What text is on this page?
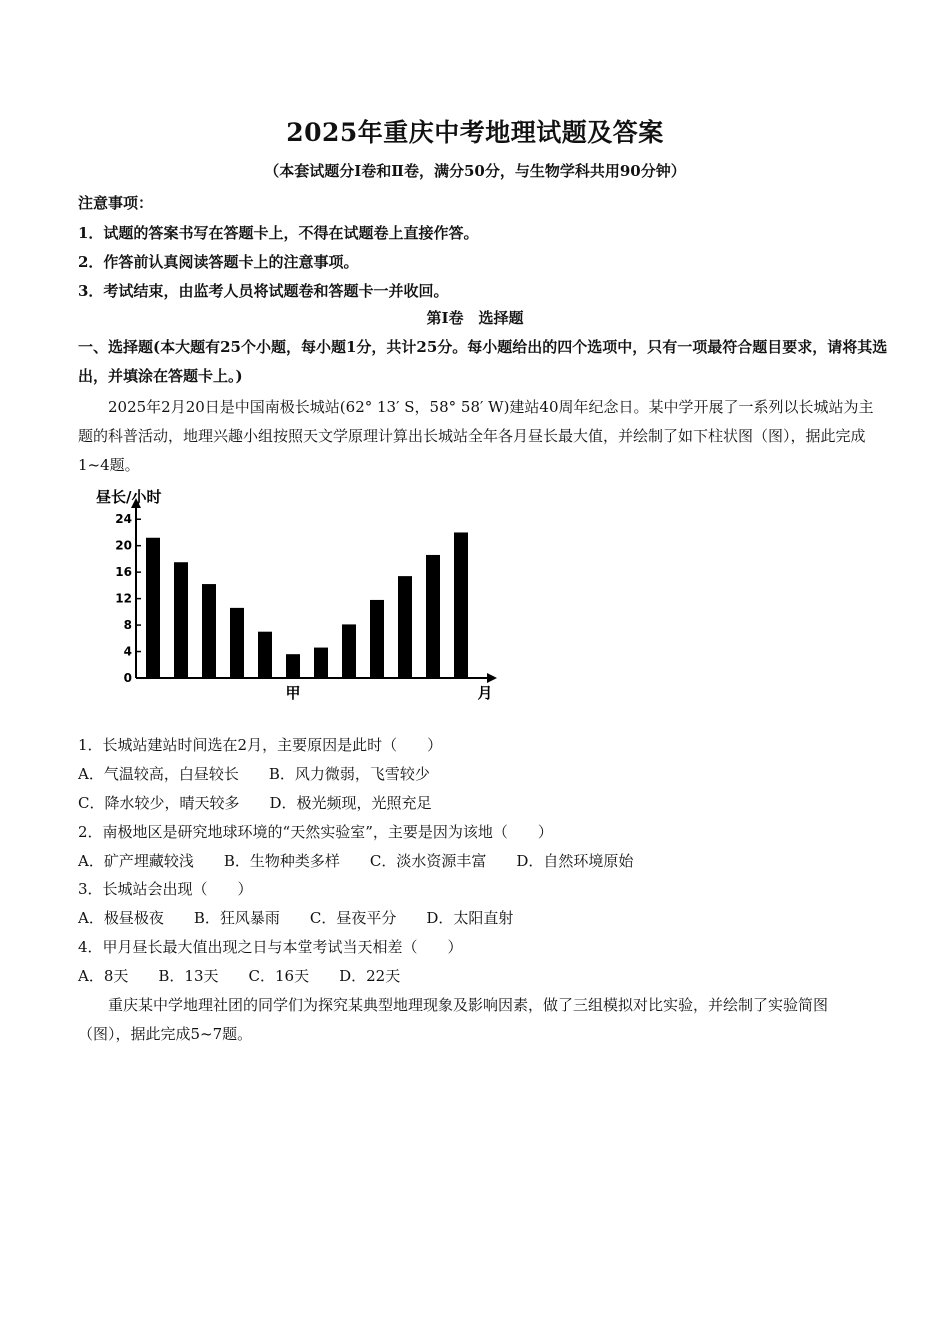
2025年重庆中考地理试题及答案
（本套试题分Ⅰ卷和Ⅱ卷，满分50分，与生物学科共用90分钟）
注意事项：
1．试题的答案书写在答题卡上，不得在试题卷上直接作答。
2．作答前认真阅读答题卡上的注意事项。
3．考试结束，由监考人员将试题卷和答题卡一并收回。
第Ⅰ卷　选择题
一、选择题(本大题有25个小题，每小题1分，共计25分。每小题给出的四个选项中，只有一项最符合题目要求，请将其选出，并填涂在答题卡上。)
2025年2月20日是中国南极长城站(62° 13′ S，58° 58′ W)建站40周年纪念日。某中学开展了一系列以长城站为主题的科普活动，地理兴趣小组按照天文学原理计算出长城站全年各月昼长最大值，并绘制了如下柱状图（图），据此完成1~4题。
昼长/小时
0
4
8
12
16
20
24
甲	月
1．长城站建站时间选在2月，主要原因是此时（　　）
A．气温较高，白昼较长 B．风力微弱，飞雪较少
C．降水较少，晴天较多 D．极光频现，光照充足
2．南极地区是研究地球环境的“天然实验室”，主要是因为该地（　　）
A．矿产埋藏较浅 B．生物种类多样 C．淡水资源丰富 D．自然环境原始
3．长城站会出现（　　）
A．极昼极夜 B．狂风暴雨 C．昼夜平分 D．太阳直射
4．甲月昼长最大值出现之日与本堂考试当天相差（　　）
A．8天 B．13天 C．16天 D．22天
重庆某中学地理社团的同学们为探究某典型地理现象及影响因素，做了三组模拟对比实验，并绘制了实验简图（图），据此完成5~7题。
